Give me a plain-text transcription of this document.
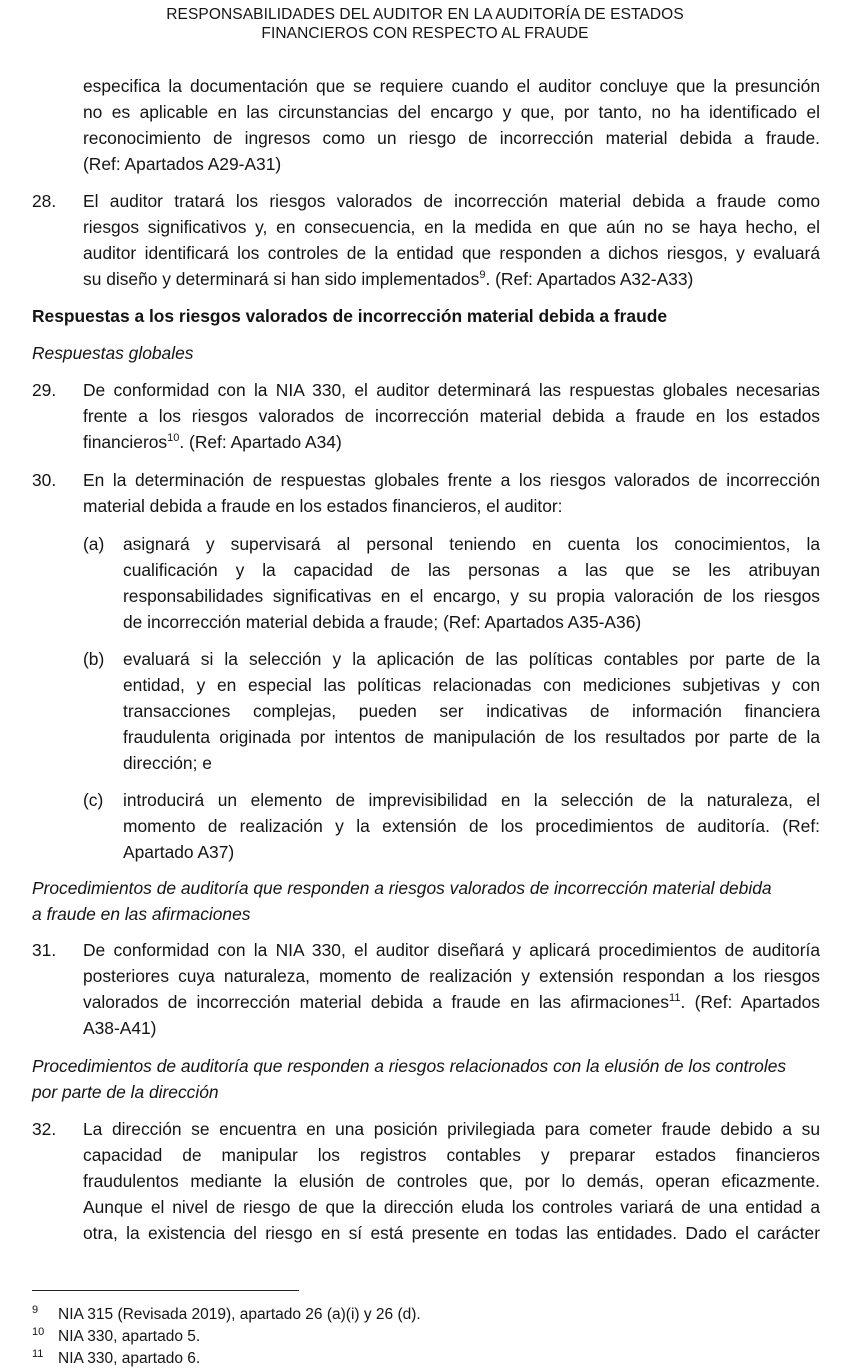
RESPONSABILIDADES DEL AUDITOR EN LA AUDITORÍA DE ESTADOS
FINANCIEROS CON RESPECTO AL FRAUDE
especifica la documentación que se requiere cuando el auditor concluye que la presunción
no es aplicable en las circunstancias del encargo y que, por tanto, no ha identificado el
reconocimiento de ingresos como un riesgo de incorrección material debida a fraude.
(Ref: Apartados A29-A31)
28. El auditor tratará los riesgos valorados de incorrección material debida a fraude como
riesgos significativos y, en consecuencia, en la medida en que aún no se haya hecho, el
auditor identificará los controles de la entidad que responden a dichos riesgos, y evaluará
su diseño y determinará si han sido implementados$^9$. (Ref: Apartados A32-A33)
Respuestas a los riesgos valorados de incorrección material debida a fraude
Respuestas globales
29. De conformidad con la NIA 330, el auditor determinará las respuestas globales necesarias
frente a los riesgos valorados de incorrección material debida a fraude en los estados
financieros$^{10}$. (Ref: Apartado A34)
30. En la determinación de respuestas globales frente a los riesgos valorados de incorrección
material debida a fraude en los estados financieros, el auditor:
(a) asignará y supervisará al personal teniendo en cuenta los conocimientos, la
cualificación y la capacidad de las personas a las que se les atribuyan
responsabilidades significativas en el encargo, y su propia valoración de los riesgos
de incorrección material debida a fraude; (Ref: Apartados A35-A36)
(b) evaluará si la selección y la aplicación de las políticas contables por parte de la
entidad, y en especial las políticas relacionadas con mediciones subjetivas y con
transacciones complejas, pueden ser indicativas de información financiera
fraudulenta originada por intentos de manipulación de los resultados por parte de la
dirección; e
(c) introducirá un elemento de imprevisibilidad en la selección de la naturaleza, el
momento de realización y la extensión de los procedimientos de auditoría. (Ref:
Apartado A37)
Procedimientos de auditoría que responden a riesgos valorados de incorrección material debida
a fraude en las afirmaciones
31. De conformidad con la NIA 330, el auditor diseñará y aplicará procedimientos de auditoría
posteriores cuya naturaleza, momento de realización y extensión respondan a los riesgos
valorados de incorrección material debida a fraude en las afirmaciones$^{11}$. (Ref: Apartados
A38-A41)
Procedimientos de auditoría que responden a riesgos relacionados con la elusión de los controles
por parte de la dirección
32. La dirección se encuentra en una posición privilegiada para cometer fraude debido a su
capacidad de manipular los registros contables y preparar estados financieros
fraudulentos mediante la elusión de controles que, por lo demás, operan eficazmente.
Aunque el nivel de riesgo de que la dirección eluda los controles variará de una entidad a
otra, la existencia del riesgo en sí está presente en todas las entidades. Dado el carácter
9 NIA 315 (Revisada 2019), apartado 26 (a)(i) y 26 (d).
10 NIA 330, apartado 5.
11 NIA 330, apartado 6.
